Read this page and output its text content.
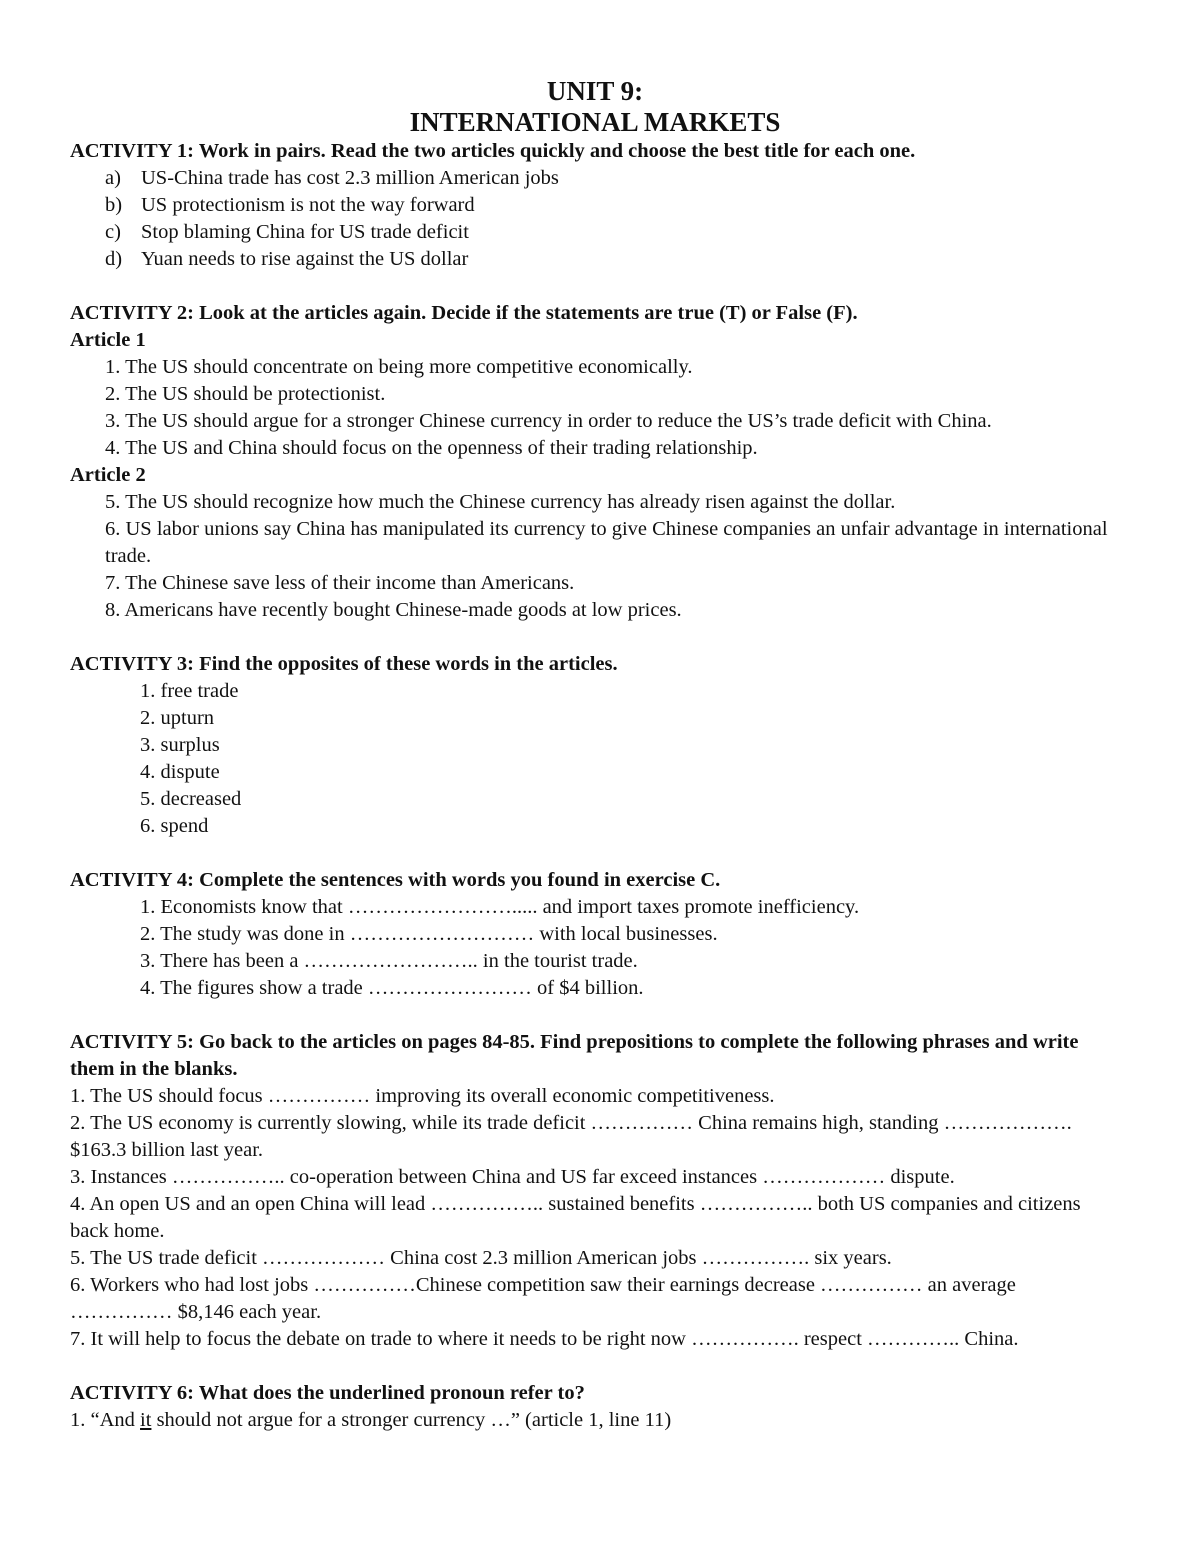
UNIT 9:
INTERNATIONAL MARKETS
ACTIVITY 1: Work in pairs. Read the two articles quickly and choose the best title for each one.
a) US-China trade has cost 2.3 million American jobs
b) US protectionism is not the way forward
c) Stop blaming China for US trade deficit
d) Yuan needs to rise against the US dollar
ACTIVITY 2: Look at the articles again. Decide if the statements are true (T) or False (F).
Article 1
1. The US should concentrate on being more competitive economically.
2. The US should be protectionist.
3. The US should argue for a stronger Chinese currency in order to reduce the US’s trade deficit with China.
4. The US and China should focus on the openness of their trading relationship.
Article 2
5. The US should recognize how much the Chinese currency has already risen against the dollar.
6. US labor unions say China has manipulated its currency to give Chinese companies an unfair advantage in international trade.
7. The Chinese save less of their income than Americans.
8. Americans have recently bought Chinese-made goods at low prices.
ACTIVITY 3: Find the opposites of these words in the articles.
1. free trade
2. upturn
3. surplus
4. dispute
5. decreased
6. spend
ACTIVITY 4: Complete the sentences with words you found in exercise C.
1. Economists know that ……………………..... and import taxes promote inefficiency.
2. The study was done in ……………………… with local businesses.
3. There has been a …………………….. in the tourist trade.
4. The figures show a trade …………………… of $4 billion.
ACTIVITY 5: Go back to the articles on pages 84-85. Find prepositions to complete the following phrases and write them in the blanks.
1. The US should focus …………… improving its overall economic competitiveness.
2. The US economy is currently slowing, while its trade deficit …………… China remains high, standing ………………. $163.3 billion last year.
3. Instances …………….. co-operation between China and US far exceed instances ……………… dispute.
4. An open US and an open China will lead …………….. sustained benefits …………….. both US companies and citizens back home.
5. The US trade deficit ……………… China cost 2.3 million American jobs ……………. six years.
6. Workers who had lost jobs ……………Chinese competition saw their earnings decrease …………… an average …………… $8,146 each year.
7. It will help to focus the debate on trade to where it needs to be right now ……………. respect ………….. China.
ACTIVITY 6: What does the underlined pronoun refer to?
1. “And it should not argue for a stronger currency …” (article 1, line 11)
